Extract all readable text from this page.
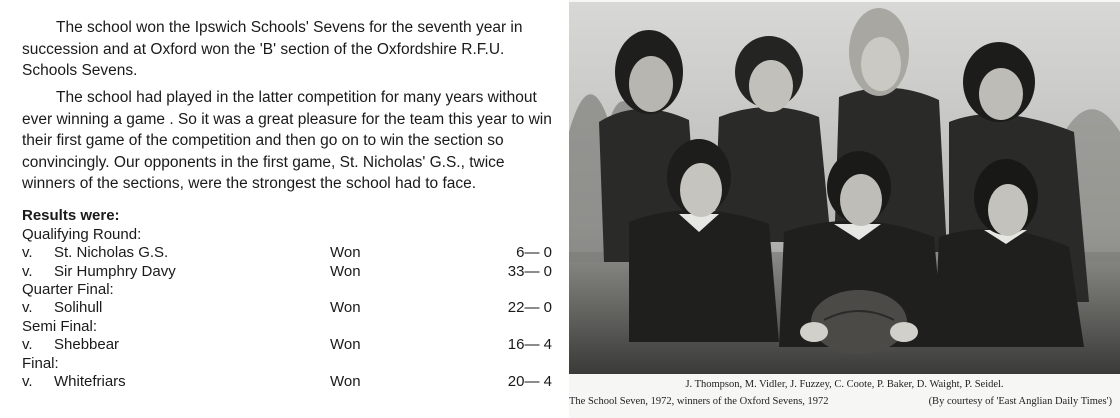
The school won the Ipswich Schools' Sevens for the seventh year in succession and at Oxford won the 'B' section of the Oxfordshire R.F.U. Schools Sevens.

The school had played in the latter competition for many years without ever winning a game . So it was a great pleasure for the team this year to win their first game of the competition and then go on to win the section so convincingly. Our opponents in the first game, St. Nicholas' G.S., twice winners of the sections, were the strongest the school had to face.

Results were:

Qualifying Round:

v. St. Nicholas G.S.	Won	6— 0
v. Sir Humphry Davy	Won	33— 0

Quarter Final:

v. Solihull	Won	22— 0

Semi Final:

v. Shebbear	Won	16— 4

Final:

v. Whitefriars	Won	20— 4	J. Thompson, M. Vidler, J. Fuzzey, C. Coote, P. Baker, D. Waight, P. Seidel.

The School Seven, 1972, winners of the Oxford Sevens, 1972	(By courtesy of 'East Anglian Daily Times')
